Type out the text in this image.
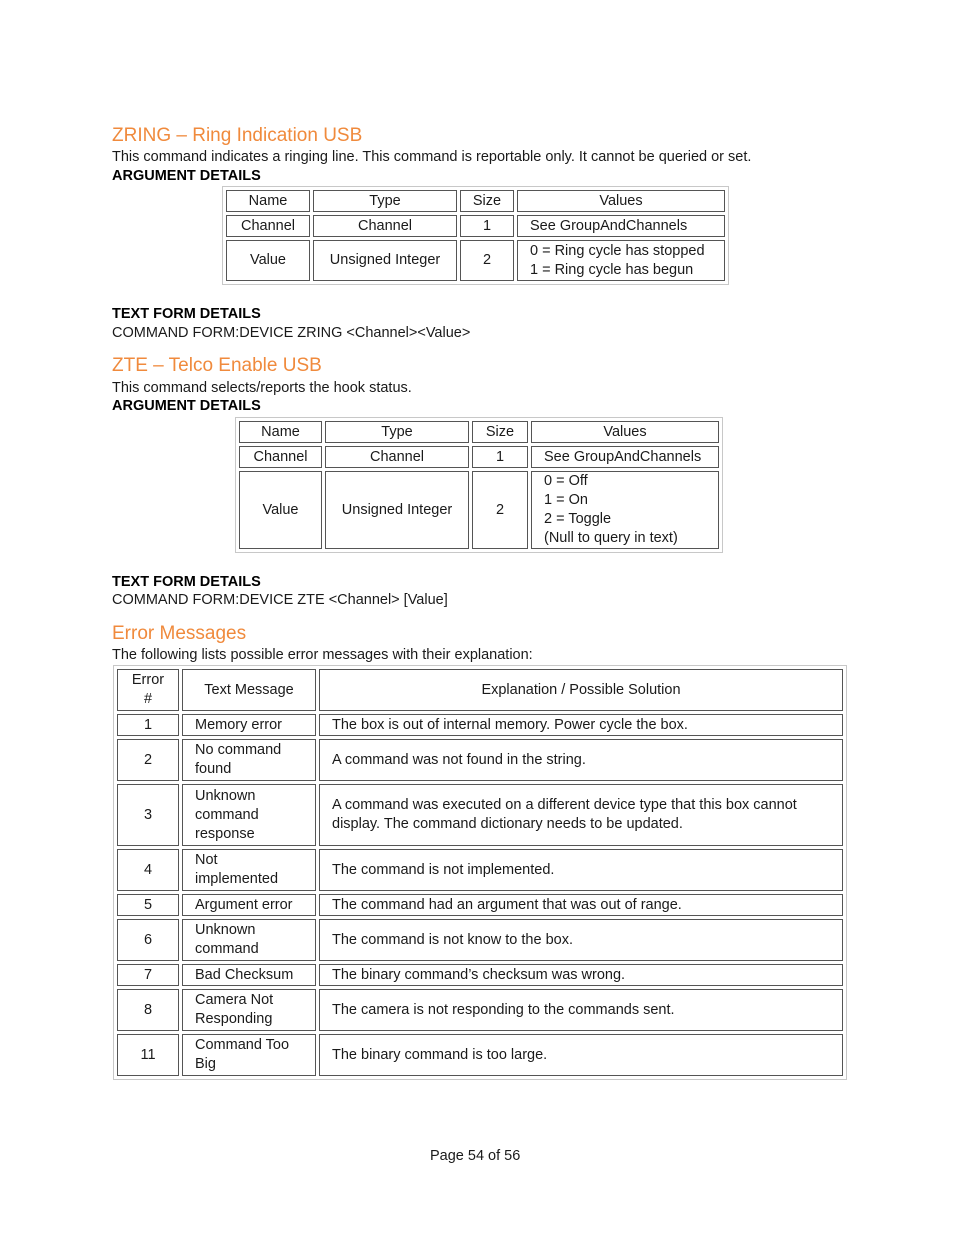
ZRING – Ring Indication USB
This command indicates a ringing line. This command is reportable only. It cannot be queried or set.
ARGUMENT DETAILS
Name	Type	Size	Values
Channel	Channel	1	See GroupAndChannels

Value	Unsigned Integer	2	0 = Ring cycle has stopped
1 = Ring cycle has begun
TEXT FORM DETAILS
COMMAND FORM:DEVICE ZRING <Channel><Value>
ZTE – Telco Enable USB
This command selects/reports the hook status.
ARGUMENT DETAILS
Name	Type	Size	Values
Channel	Channel	1	See GroupAndChannels

Value	Unsigned Integer	2	0 = Off
1 = On
2 = Toggle
(Null to query in text)
TEXT FORM DETAILS
COMMAND FORM:DEVICE ZTE <Channel> [Value]
Error Messages
The following lists possible error messages with their explanation:
Error
#	Text Message	Explanation / Possible Solution
1	Memory error	The box is out of internal memory. Power cycle the box.

2	No command
found	A command was not found in the string.

3	Unknown
command
response	A command was executed on a different device type that this box cannot
display. The command dictionary needs to be updated.

4	Not
implemented	The command is not implemented.

5	Argument error	The command had an argument that was out of range.

6	Unknown
command	The command is not know to the box.

7	Bad Checksum	The binary command’s checksum was wrong.

8	Camera Not
Responding	The camera is not responding to the commands sent.

11	Command Too
Big	The binary command is too large.
Page 54 of 56
